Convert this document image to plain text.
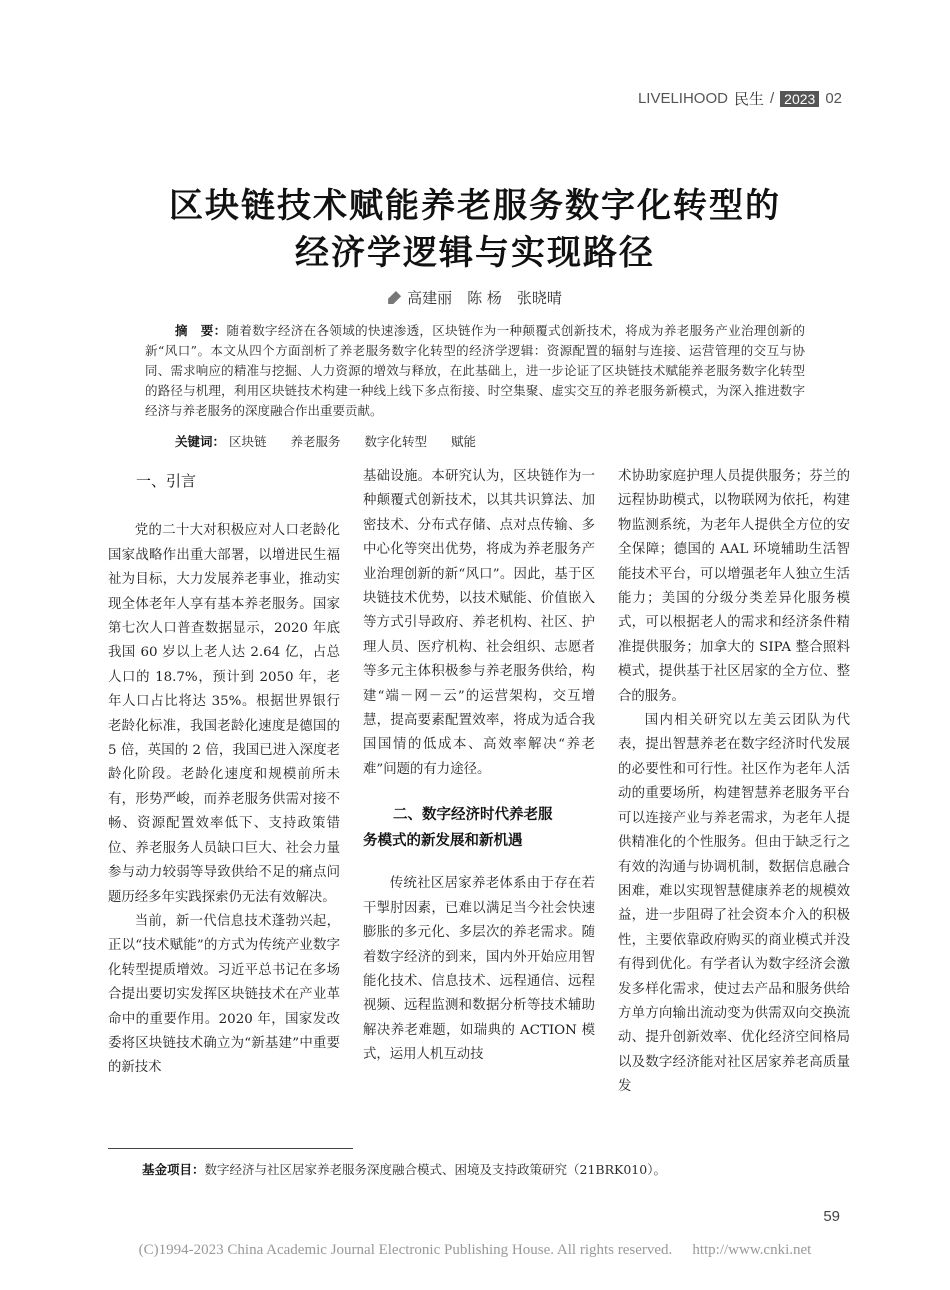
LIVELIHOOD 民生 / 2023 02
区块链技术赋能养老服务数字化转型的
经济学逻辑与实现路径
高建丽　陈 杨　张晓晴
摘　要：随着数字经济在各领域的快速渗透，区块链作为一种颠覆式创新技术，将成为养老服务产业治理创新的新“风口”。本文从四个方面剖析了养老服务数字化转型的经济学逻辑：资源配置的辐射与连接、运营管理的交互与协同、需求响应的精准与挖掘、人力资源的增效与释放，在此基础上，进一步论证了区块链技术赋能养老服务数字化转型的路径与机理，利用区块链技术构建一种线上线下多点衔接、时空集聚、虚实交互的养老服务新模式，为深入推进数字经济与养老服务的深度融合作出重要贡献。
关键词： 区块链 养老服务 数字化转型 赋能
一、引言

党的二十大对积极应对人口老龄化国家战略作出重大部署，以增进民生福祉为目标，大力发展养老事业，推动实现全体老年人享有基本养老服务。国家第七次人口普查数据显示，2020 年底我国 60 岁以上老人达 2.64 亿，占总人口的 18.7%，预计到 2050 年，老年人口占比将达 35%。根据世界银行老龄化标准，我国老龄化速度是德国的 5 倍，英国的 2 倍，我国已进入深度老龄化阶段。老龄化速度和规模前所未有，形势严峻，而养老服务供需对接不畅、资源配置效率低下、支持政策错位、养老服务人员缺口巨大、社会力量参与动力较弱等导致供给不足的痛点问题历经多年实践探索仍无法有效解决。

当前，新一代信息技术蓬勃兴起，正以“技术赋能”的方式为传统产业数字化转型提质增效。习近平总书记在多场合提出要切实发挥区块链技术在产业革命中的重要作用。2020 年，国家发改委将区块链技术确立为“新基建”中重要的新技术

基础设施。本研究认为，区块链作为一种颠覆式创新技术，以其共识算法、加密技术、分布式存储、点对点传输、多中心化等突出优势，将成为养老服务产业治理创新的新“风口”。因此，基于区块链技术优势，以技术赋能、价值嵌入等方式引导政府、养老机构、社区、护理人员、医疗机构、社会组织、志愿者等多元主体积极参与养老服务供给，构建“端－网－云”的运营架构，交互增慧，提高要素配置效率，将成为适合我国国情的低成本、高效率解决“养老难”问题的有力途径。

二、数字经济时代养老服
务模式的新发展和新机遇

传统社区居家养老体系由于存在若干掣肘因素，已难以满足当今社会快速膨胀的多元化、多层次的养老需求。随着数字经济的到来，国内外开始应用智能化技术、信息技术、远程通信、远程视频、远程监测和数据分析等技术辅助解决养老难题，如瑞典的 ACTION 模式，运用人机互动技

术协助家庭护理人员提供服务；芬兰的远程协助模式，以物联网为依托，构建物监测系统，为老年人提供全方位的安全保障；德国的 AAL 环境辅助生活智能技术平台，可以增强老年人独立生活能力；美国的分级分类差异化服务模式，可以根据老人的需求和经济条件精准提供服务；加拿大的 SIPA 整合照料模式，提供基于社区居家的全方位、整合的服务。

国内相关研究以左美云团队为代表，提出智慧养老在数字经济时代发展的必要性和可行性。社区作为老年人活动的重要场所，构建智慧养老服务平台可以连接产业与养老需求，为老年人提供精准化的个性服务。但由于缺乏行之有效的沟通与协调机制，数据信息融合困难，难以实现智慧健康养老的规模效益，进一步阻碍了社会资本介入的积极性，主要依靠政府购买的商业模式并没有得到优化。有学者认为数字经济会激发多样化需求，使过去产品和服务供给方单方向输出流动变为供需双向交换流动、提升创新效率、优化经济空间格局以及数字经济能对社区居家养老高质量发

基金项目：数字经济与社区居家养老服务深度融合模式、困境及支持政策研究（21BRK010）。
59
(C)1994-2023 China Academic Journal Electronic Publishing House. All rights reserved. http://www.cnki.net
